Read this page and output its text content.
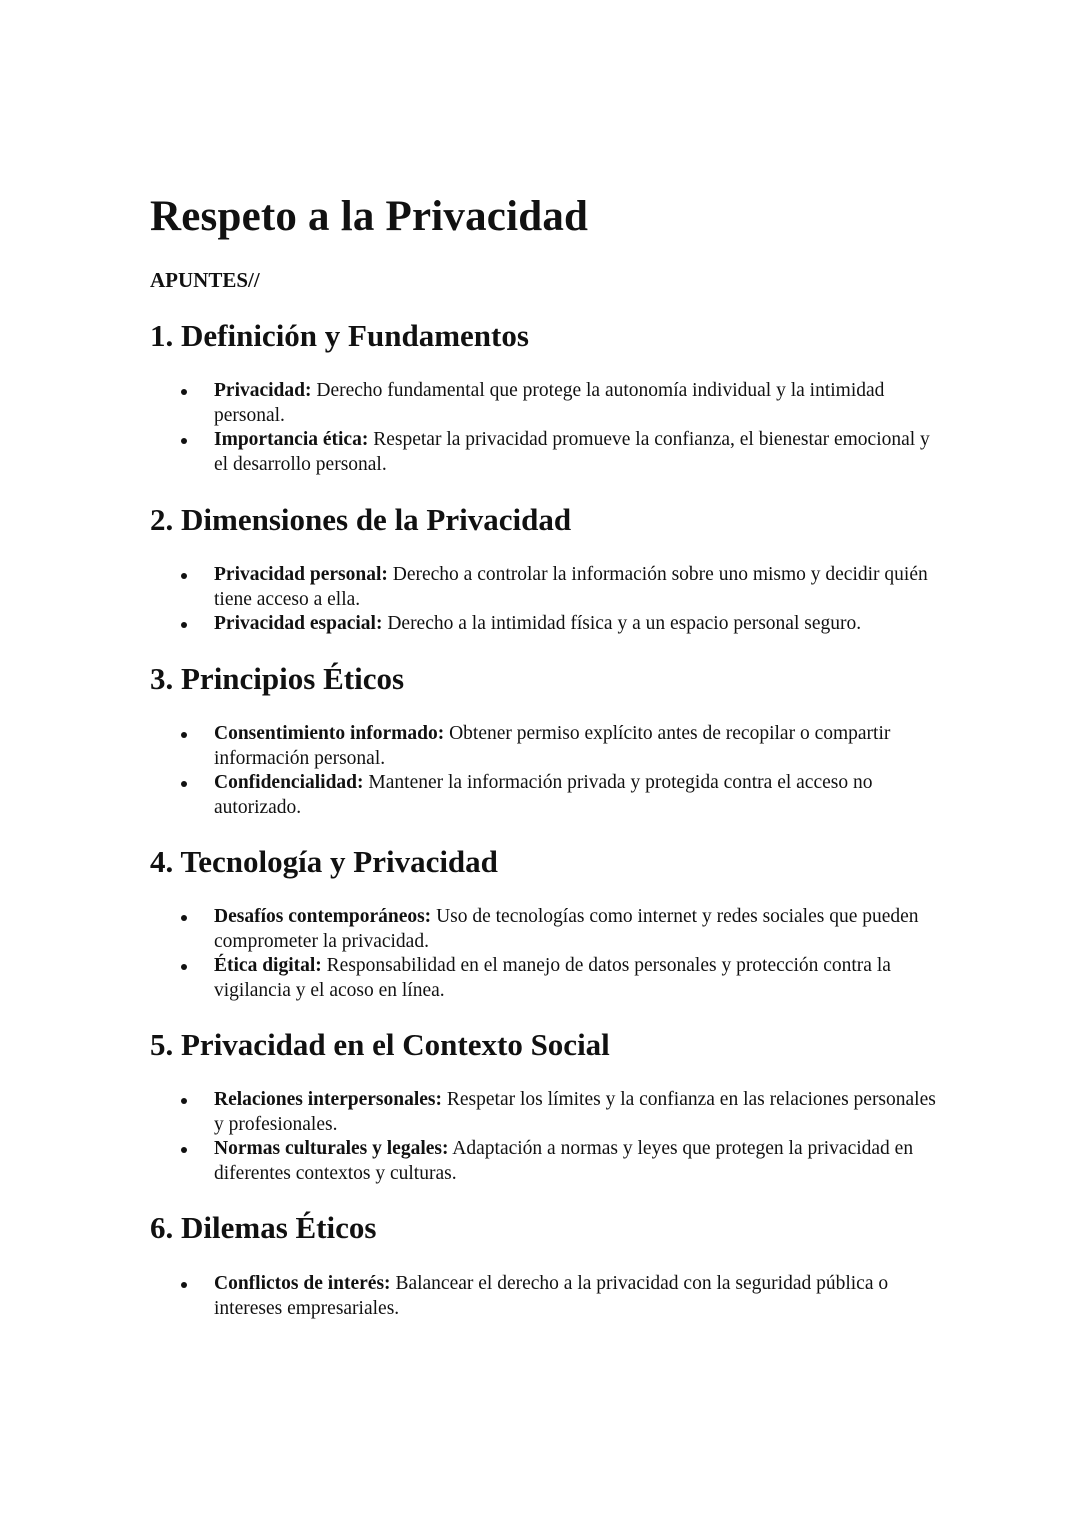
Respeto a la Privacidad
APUNTES//
1. Definición y Fundamentos
Privacidad: Derecho fundamental que protege la autonomía individual y la intimidad personal.
Importancia ética: Respetar la privacidad promueve la confianza, el bienestar emocional y el desarrollo personal.
2. Dimensiones de la Privacidad
Privacidad personal: Derecho a controlar la información sobre uno mismo y decidir quién tiene acceso a ella.
Privacidad espacial: Derecho a la intimidad física y a un espacio personal seguro.
3. Principios Éticos
Consentimiento informado: Obtener permiso explícito antes de recopilar o compartir información personal.
Confidencialidad: Mantener la información privada y protegida contra el acceso no autorizado.
4. Tecnología y Privacidad
Desafíos contemporáneos: Uso de tecnologías como internet y redes sociales que pueden comprometer la privacidad.
Ética digital: Responsabilidad en el manejo de datos personales y protección contra la vigilancia y el acoso en línea.
5. Privacidad en el Contexto Social
Relaciones interpersonales: Respetar los límites y la confianza en las relaciones personales y profesionales.
Normas culturales y legales: Adaptación a normas y leyes que protegen la privacidad en diferentes contextos y culturas.
6. Dilemas Éticos
Conflictos de interés: Balancear el derecho a la privacidad con la seguridad pública o intereses empresariales.
